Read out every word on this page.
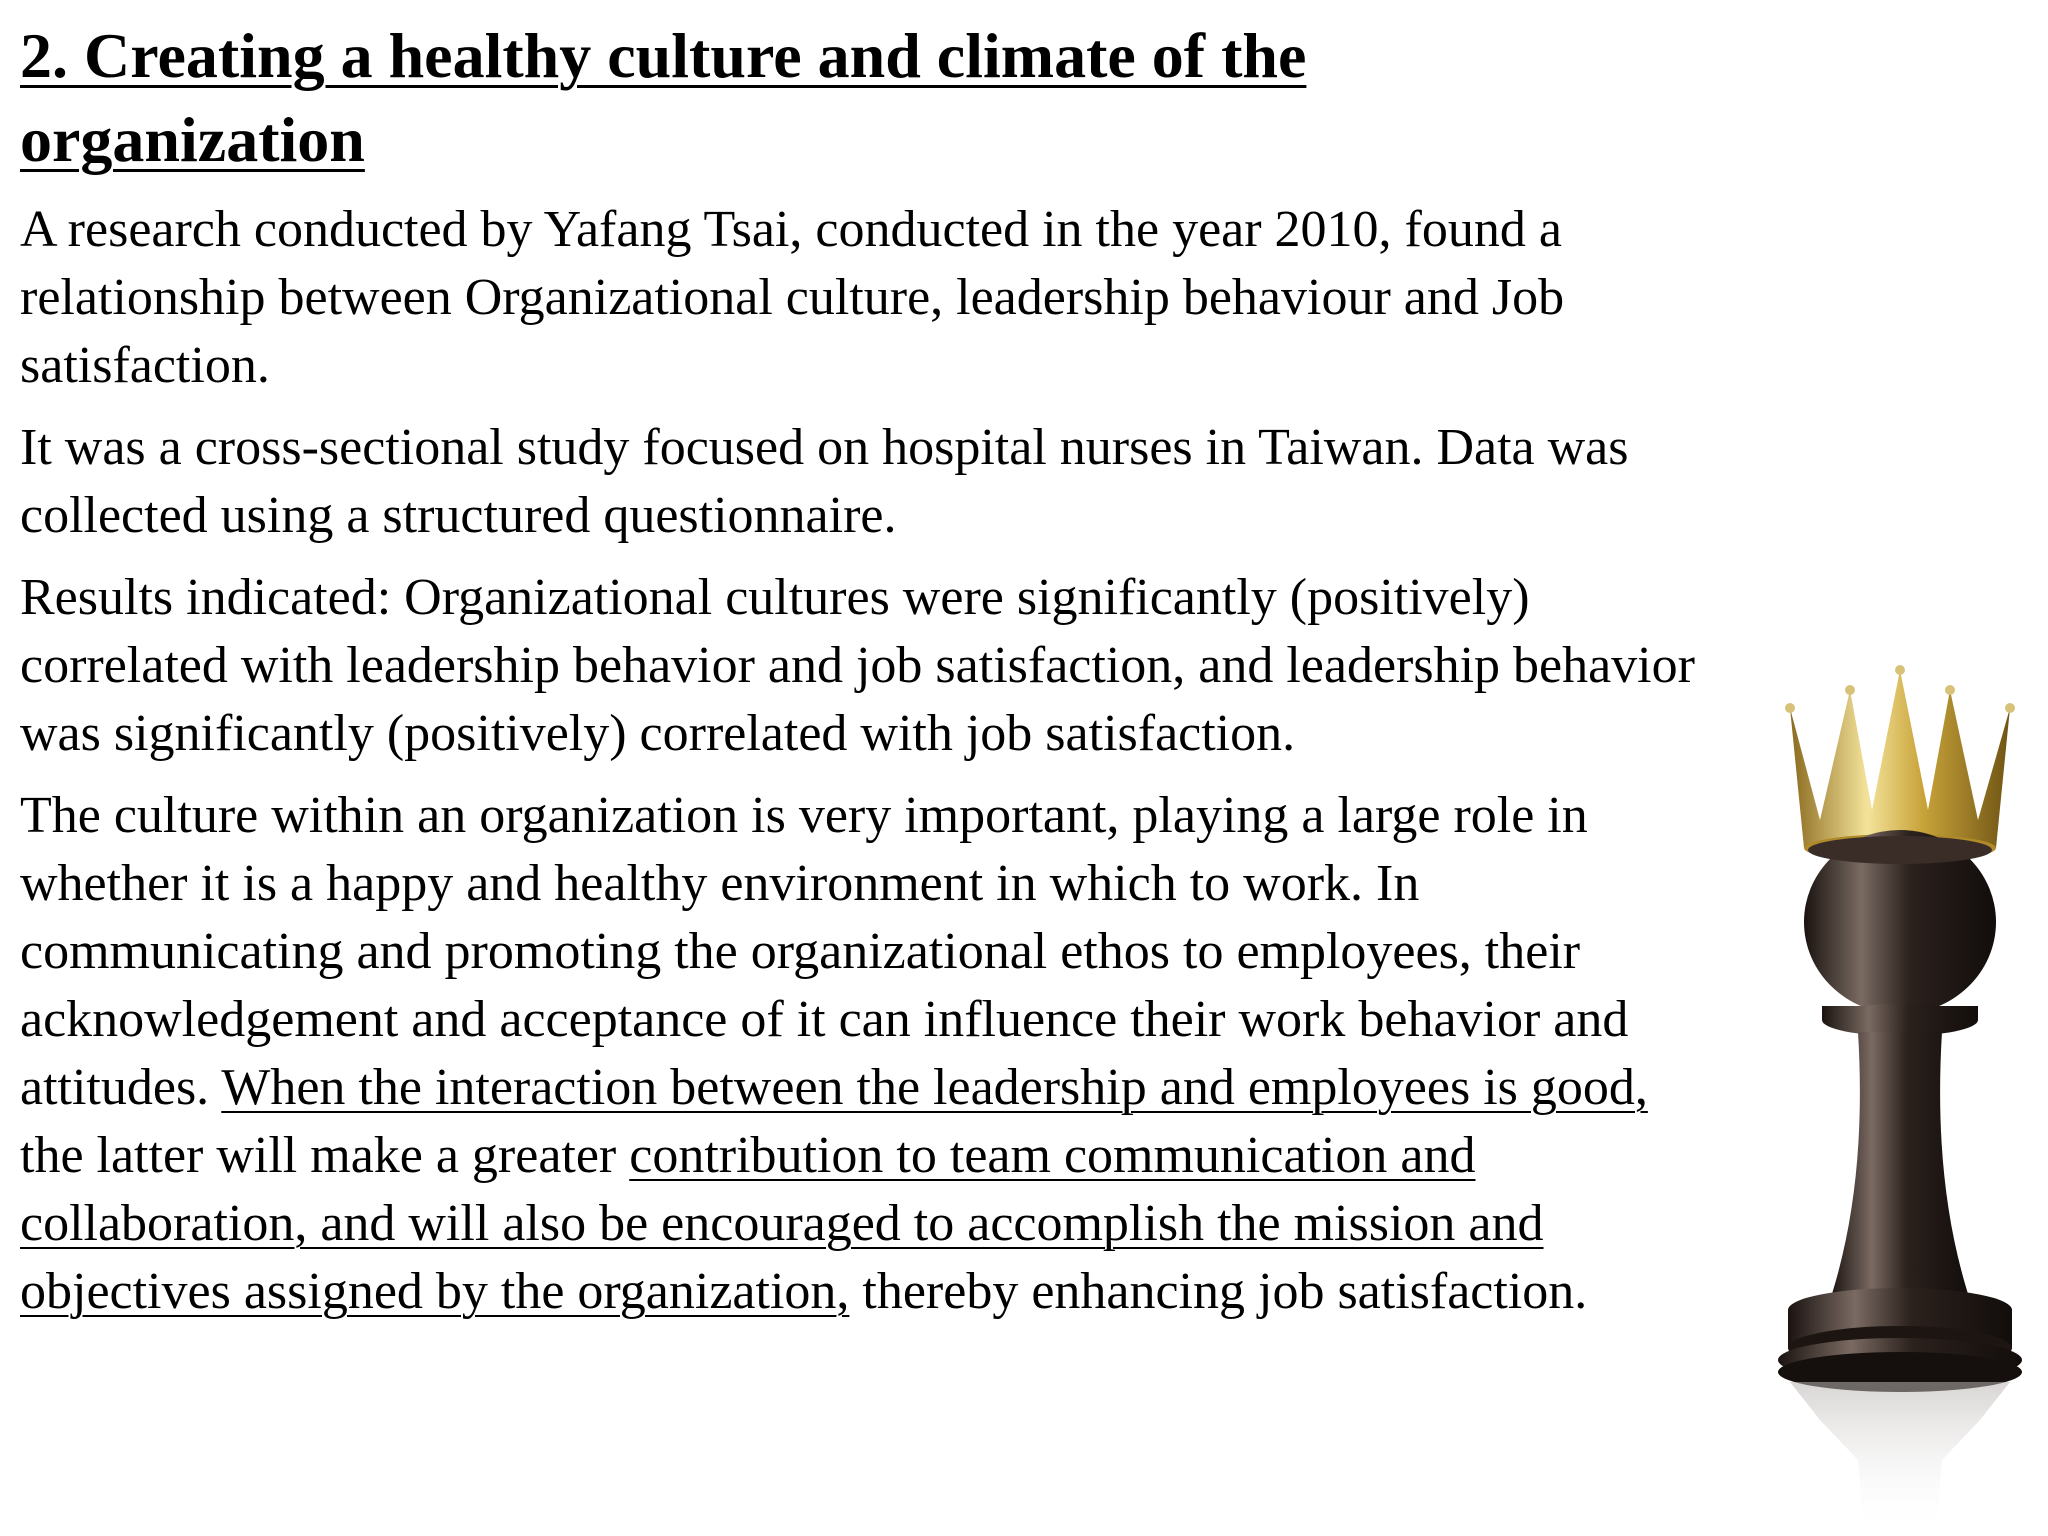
2. Creating a healthy culture and climate of the organization

A research conducted by Yafang Tsai, conducted in the year 2010, found a relationship between Organizational culture, leadership behaviour and Job satisfaction.

It was a cross-sectional study focused on hospital nurses in Taiwan. Data was collected using a structured questionnaire.

Results indicated: Organizational cultures were significantly (positively) correlated with leadership behavior and job satisfaction, and leadership behavior was significantly (positively) correlated with job satisfaction.

The culture within an organization is very important, playing a large role in whether it is a happy and healthy environment in which to work. In communicating and promoting the organizational ethos to employees, their acknowledgement and acceptance of it can influence their work behavior and attitudes. When the interaction between the leadership and employees is good, the latter will make a greater contribution to team communication and collaboration, and will also be encouraged to accomplish the mission and objectives assigned by the organization, thereby enhancing job satisfaction.
